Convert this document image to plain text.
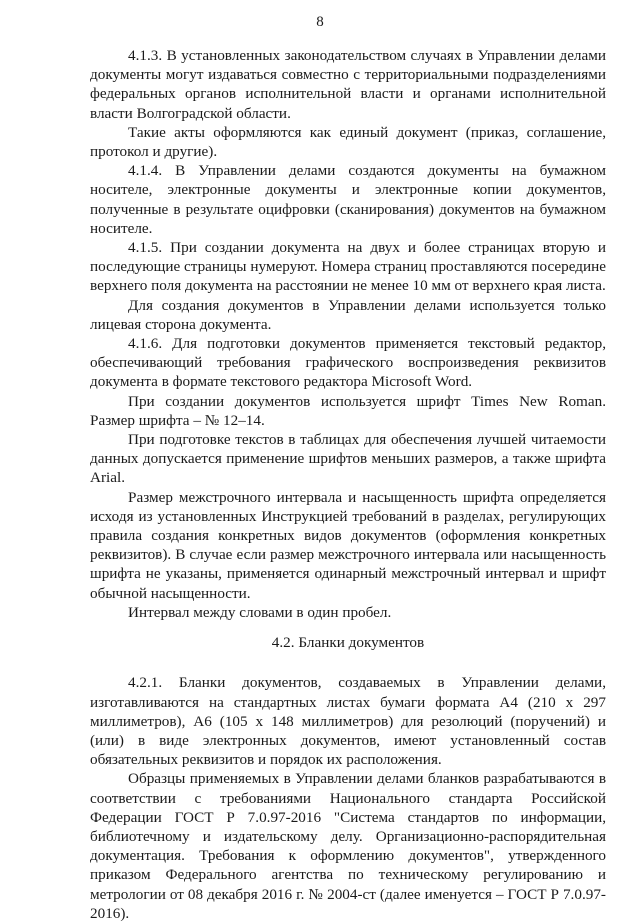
8

4.1.3. В установленных законодательством случаях в Управлении делами документы могут издаваться совместно с территориальными подразделениями федеральных органов исполнительной власти и органами исполнительной власти Волгоградской области.

Такие акты оформляются как единый документ (приказ, соглашение, протокол и другие).

4.1.4. В Управлении делами создаются документы на бумажном носителе, электронные документы и электронные копии документов, полученные в результате оцифровки (сканирования) документов на бумажном носителе.

4.1.5. При создании документа на двух и более страницах вторую и последующие страницы нумеруют. Номера страниц проставляются посередине верхнего поля документа на расстоянии не менее 10 мм от верхнего края листа.

Для создания документов в Управлении делами используется только лицевая сторона документа.

4.1.6. Для подготовки документов применяется текстовый редактор, обеспечивающий требования графического воспроизведения реквизитов документа в формате текстового редактора Microsoft Word.

При создании документов используется шрифт Times New Roman. Размер шрифта – № 12–14.

При подготовке текстов в таблицах для обеспечения лучшей читаемости данных допускается применение шрифтов меньших размеров, а также шрифта Arial.

Размер межстрочного интервала и насыщенность шрифта определяется исходя из установленных Инструкцией требований в разделах, регулирующих правила создания конкретных видов документов (оформления конкретных реквизитов). В случае если размер межстрочного интервала или насыщенность шрифта не указаны, применяется одинарный межстрочный интервал и шрифт обычной насыщенности.

Интервал между словами в один пробел.

4.2. Бланки документов

4.2.1. Бланки документов, создаваемых в Управлении делами, изготавливаются на стандартных листах бумаги формата А4 (210 х 297 миллиметров), А6 (105 х 148 миллиметров) для резолюций (поручений) и (или) в виде электронных документов, имеют установленный состав обязательных реквизитов и порядок их расположения.

Образцы применяемых в Управлении делами бланков разрабатываются в соответствии с требованиями Национального стандарта Российской Федерации ГОСТ Р 7.0.97-2016 "Система стандартов по информации, библиотечному и издательскому делу. Организационно-распорядительная документация. Требования к оформлению документов", утвержденного приказом Федерального агентства по техническому регулированию и метрологии от 08 декабря 2016 г. № 2004-ст (далее именуется – ГОСТ Р 7.0.97-2016).
